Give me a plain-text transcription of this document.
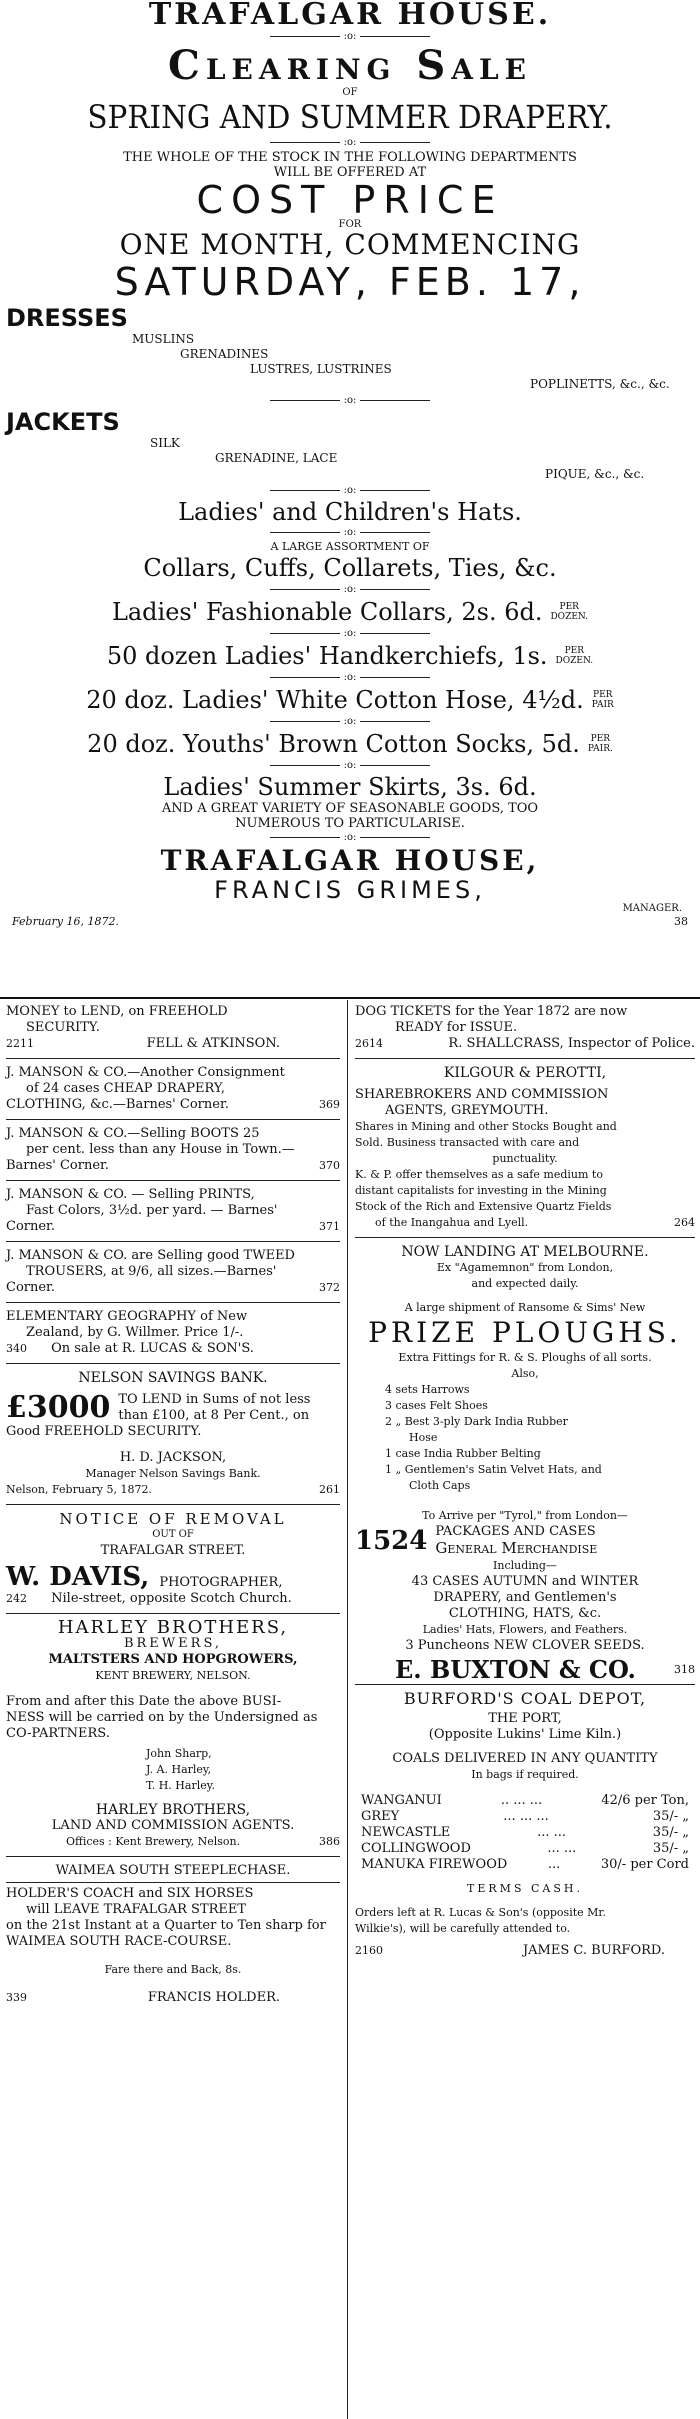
TRAFALGAR HOUSE.
:o:
Clearing Sale
OF
SPRING AND SUMMER DRAPERY.
:o:
THE WHOLE OF THE STOCK IN THE FOLLOWING DEPARTMENTS
WILL BE OFFERED AT
COST PRICE
FOR
ONE MONTH, COMMENCING
SATURDAY, FEB. 17,
DRESSES
MUSLINS
GRENADINES
LUSTRES, LUSTRINES
POPLINETTS, &c., &c.
:o:
JACKETS
SILK
GRENADINE, LACE
PIQUE, &c., &c.
:o:
Ladies' and Children's Hats.
:o:
A LARGE ASSORTMENT OF
Collars, Cuffs, Collarets, Ties, &c.
:o:
Ladies' Fashionable Collars, 2s. 6d.	PER
DOZEN.
:o:
50 dozen Ladies' Handkerchiefs, 1s.	PER
DOZEN.
:o:
20 doz. Ladies' White Cotton Hose, 4½d. PER
PAIR
:o:
20 doz. Youths' Brown Cotton Socks, 5d.	PER
PAIR.
:o:
Ladies' Summer Skirts, 3s. 6d.
AND A GREAT VARIETY OF SEASONABLE GOODS, TOO
NUMEROUS TO PARTICULARISE.
:o:
TRAFALGAR HOUSE,
FRANCIS GRIMES,
MANAGER.
February 16, 1872.	38
MONEY to LEND, on FREEHOLD
SECURITY.
2211	FELL & ATKINSON.
J. MANSON & CO.—Another Consignment
of 24 cases CHEAP DRAPERY,
CLOTHING, &c.—Barnes' Corner.	369
J. MANSON & CO.—Selling BOOTS 25
per cent. less than any House in Town.—
Barnes' Corner.	370
J. MANSON & CO. — Selling PRINTS,
Fast Colors, 3½d. per yard. — Barnes'
Corner.	371
J. MANSON & CO. are Selling good TWEED
TROUSERS, at 9/6, all sizes.—Barnes'
Corner.	372
ELEMENTARY GEOGRAPHY of New
Zealand, by G. Willmer. Price 1/-.
340 On sale at R. LUCAS & SON'S.
NELSON SAVINGS BANK.
£3000 TO LEND in Sums of not less
than £100, at 8 Per Cent., on
Good FREEHOLD SECURITY.
H. D. JACKSON,
Manager Nelson Savings Bank.
Nelson, February 5, 1872.	261
NOTICE OF REMOVAL
OUT OF
TRAFALGAR STREET.
W. DAVIS, PHOTOGRAPHER,
242 Nile-street, opposite Scotch Church.
HARLEY BROTHERS,
BREWERS,
MALTSTERS AND HOPGROWERS,
KENT BREWERY, NELSON.
From and after this Date the above BUSI-
NESS will be carried on by the Undersigned as
CO-PARTNERS.
John Sharp,
J. A. Harley,
T. H. Harley.
HARLEY BROTHERS,
LAND AND COMMISSION AGENTS.
Offices : Kent Brewery, Nelson.	386
WAIMEA SOUTH STEEPLECHASE.
HOLDER'S COACH and SIX HORSES
will LEAVE TRAFALGAR STREET
on the 21st Instant at a Quarter to Ten sharp for
WAIMEA SOUTH RACE-COURSE.
Fare there and Back, 8s.
339	FRANCIS HOLDER.
DOG TICKETS for the Year 1872 are now
READY for ISSUE.
2614	R. SHALLCRASS, Inspector of Police.
KILGOUR & PEROTTI,
SHAREBROKERS AND COMMISSION
AGENTS, GREYMOUTH.
Shares in Mining and other Stocks Bought and
Sold. Business transacted with care and
punctuality.
K. & P. offer themselves as a safe medium to
distant capitalists for investing in the Mining
Stock of the Rich and Extensive Quartz Fields
of the Inangahua and Lyell.	264
NOW LANDING AT MELBOURNE.
Ex "Agamemnon" from London,
and expected daily.
A large shipment of Ransome & Sims' New
PRIZE PLOUGHS.
Extra Fittings for R. & S. Ploughs of all sorts.
Also,
4 sets Harrows
3 cases Felt Shoes
2 „ Best 3-ply Dark India Rubber
Hose
1 case India Rubber Belting
1 „ Gentlemen's Satin Velvet Hats, and
Cloth Caps
To Arrive per "Tyrol," from London—
1524 PACKAGES AND CASES
General Merchandise
Including—
43 CASES AUTUMN and WINTER
DRAPERY, and Gentlemen's
CLOTHING, HATS, &c.
Ladies' Hats, Flowers, and Feathers.
3 Puncheons NEW CLOVER SEEDS.
E. BUXTON & CO.	318
BURFORD'S COAL DEPOT,
THE PORT,
(Opposite Lukins' Lime Kiln.)
COALS DELIVERED IN ANY QUANTITY
In bags if required.
WANGANUI	.. ... ...	42/6 per Ton,
GREY	... ... ...	35/- „
NEWCASTLE	... ...	35/- „
COLLINGWOOD	... ...	35/- „
MANUKA FIREWOOD	...	30/- per Cord
TERMS CASH.
Orders left at R. Lucas & Son's (opposite Mr.
Wilkie's), will be carefully attended to.
2160	JAMES C. BURFORD.
